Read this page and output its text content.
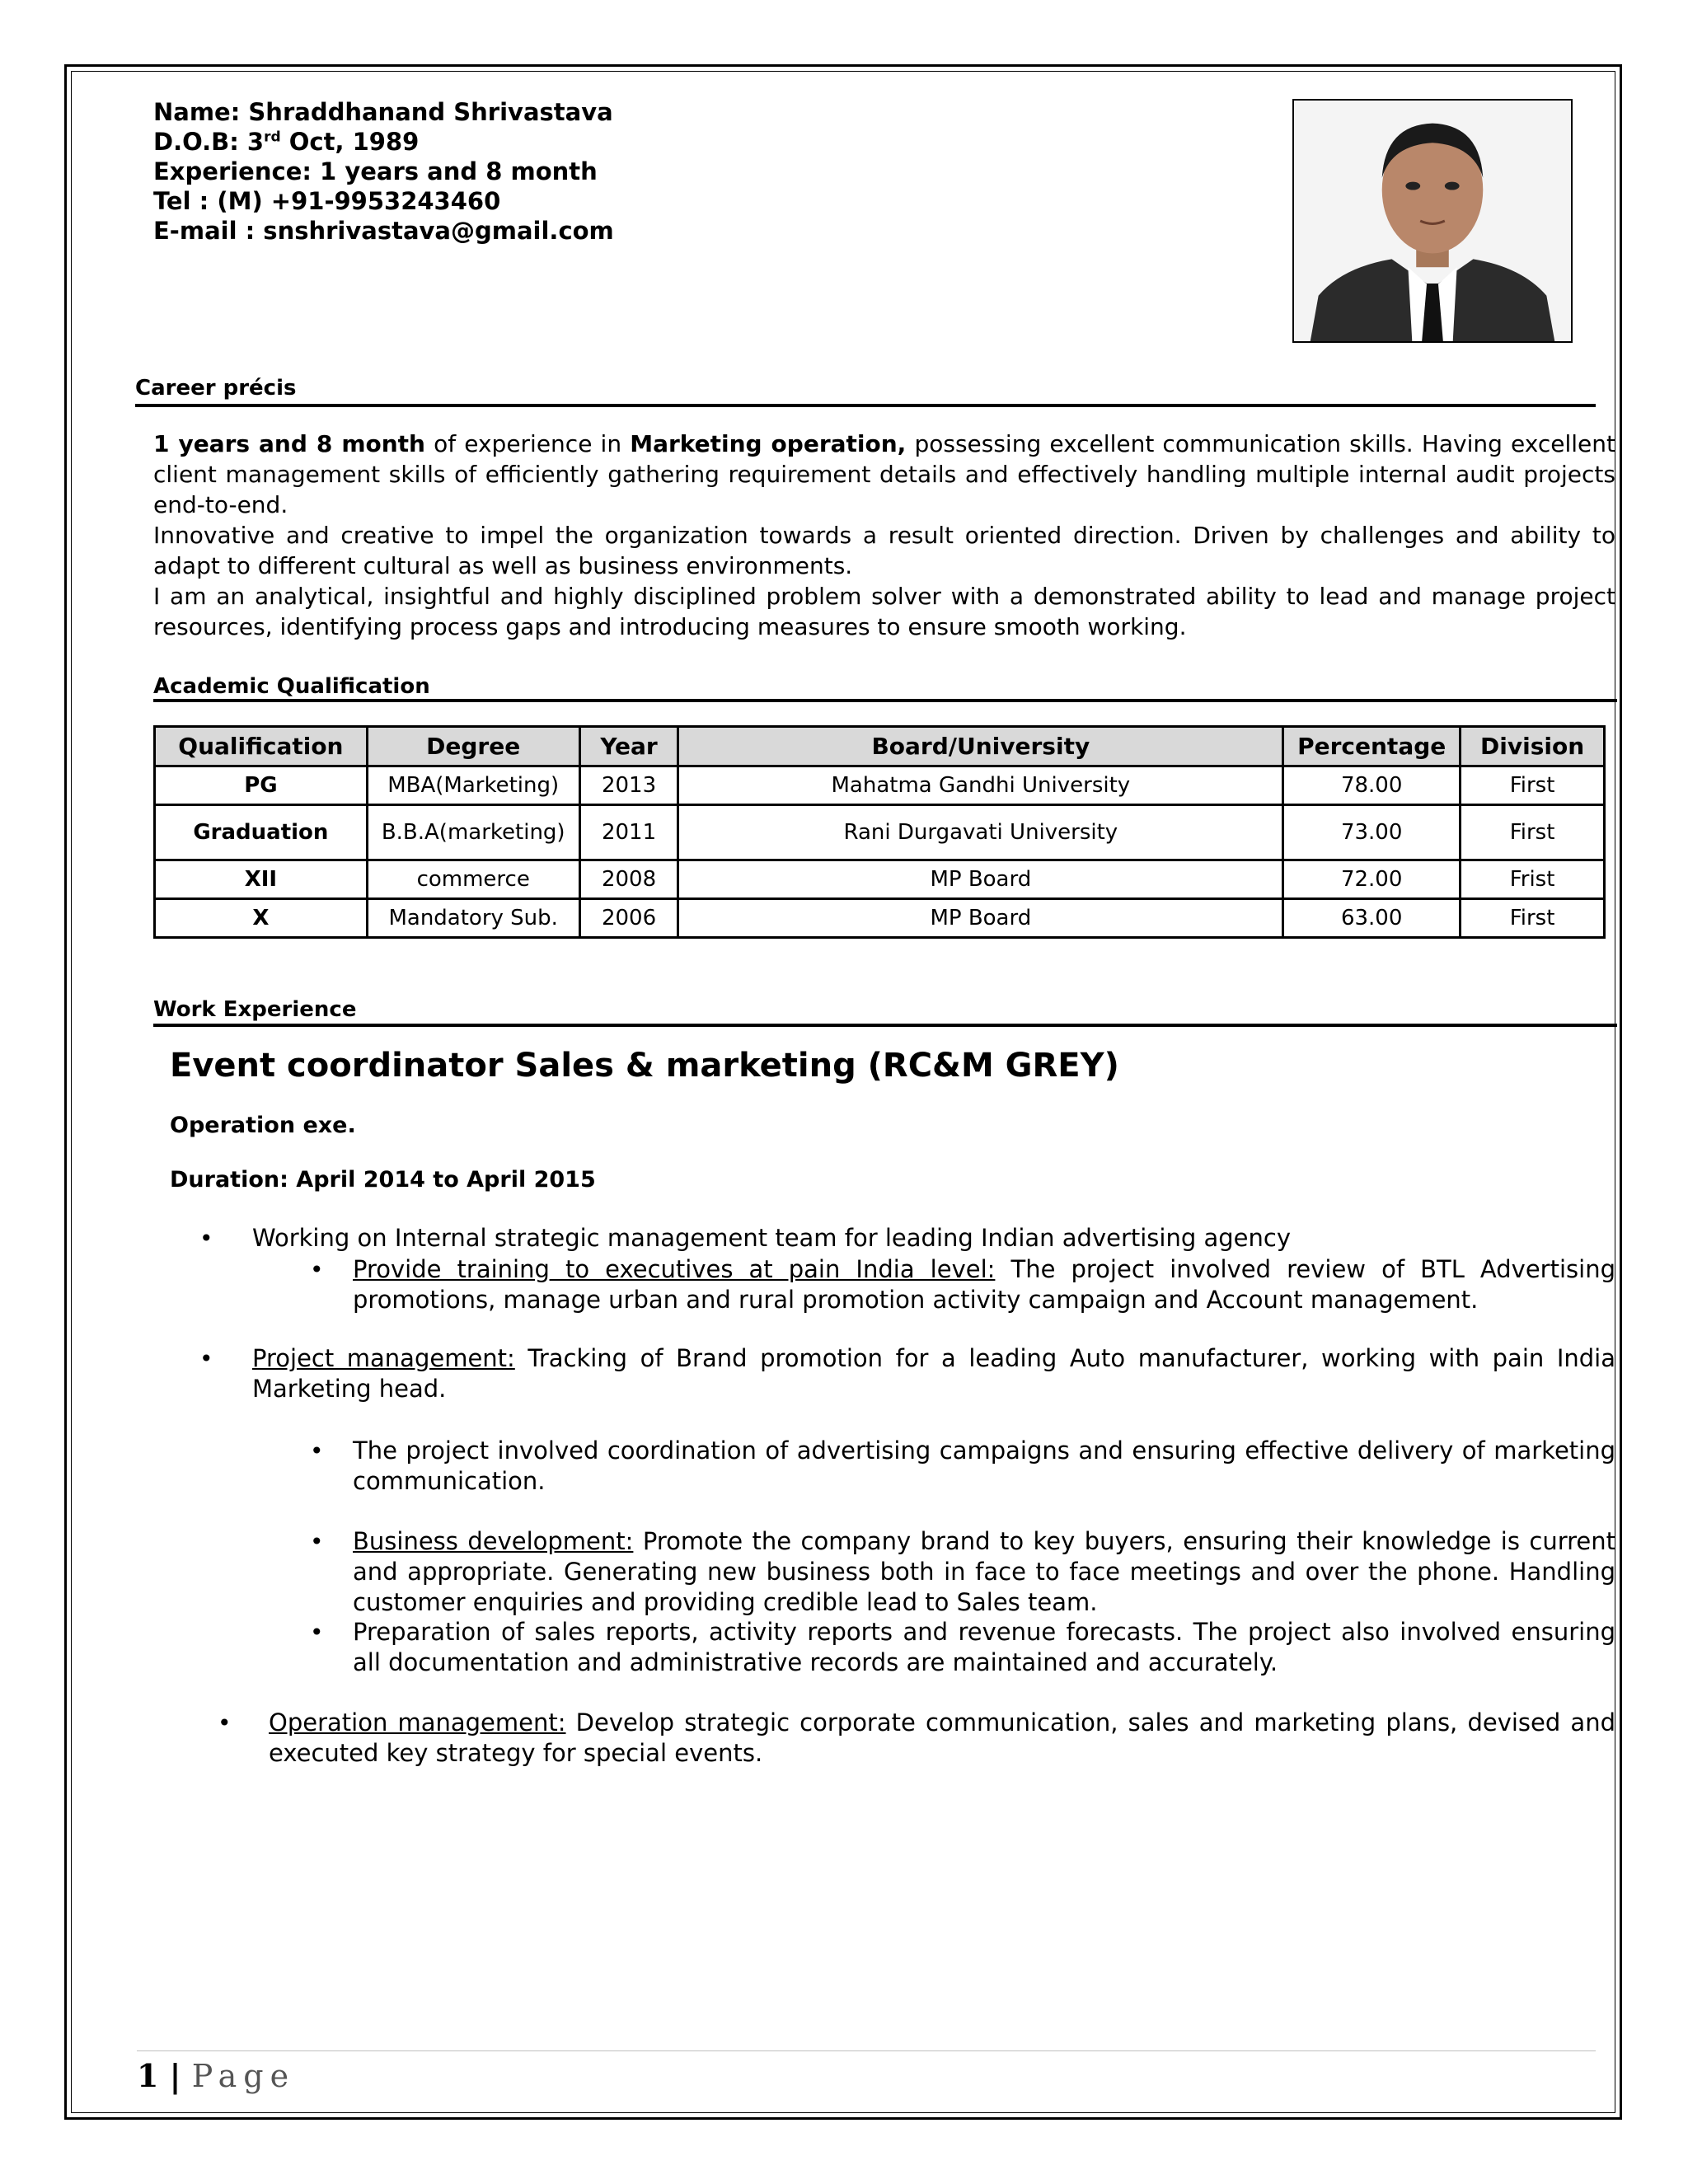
Name: Shraddhanand Shrivastava
D.O.B: 3rd Oct, 1989
Experience: 1 years and 8 month
Tel : (M) +91-9953243460
E-mail : snshrivastava@gmail.com
Career précis

1 years and 8 month of experience in Marketing operation, possessing excellent communication skills. Having excellent client management skills of efficiently gathering requirement details and effectively handling multiple internal audit projects end-to-end.

Innovative and creative to impel the organization towards a result oriented direction. Driven by challenges and ability to adapt to different cultural as well as business environments.

I am an analytical, insightful and highly disciplined problem solver with a demonstrated ability to lead and manage project resources, identifying process gaps and introducing measures to ensure smooth working.

Academic Qualification
Qualification	Degree	Year	Board/University	Percentage	Division
PG	MBA(Marketing)	2013	Mahatma Gandhi University	78.00	First
Graduation	B.B.A(marketing)	2011	Rani Durgavati University	73.00	First
XII	commerce	2008	MP Board	72.00	Frist
X	Mandatory Sub.	2006	MP Board	63.00	First
Work Experience
Event coordinator Sales & marketing (RC&M GREY)
Operation exe.
Duration: April 2014 to April 2015
• Working on Internal strategic management team for leading Indian advertising agency
• Provide training to executives at pain India level: The project involved review of BTL Advertising promotions, manage urban and rural promotion activity campaign and Account management.
• Project management: Tracking of Brand promotion for a leading Auto manufacturer, working with pain India Marketing head.
• The project involved coordination of advertising campaigns and ensuring effective delivery of marketing communication.
• Business development: Promote the company brand to key buyers, ensuring their knowledge is current and appropriate. Generating new business both in face to face meetings and over the phone. Handling customer enquiries and providing credible lead to Sales team.
• Preparation of sales reports, activity reports and revenue forecasts. The project also involved ensuring all documentation and administrative records are maintained and accurately.
• Operation management: Develop strategic corporate communication, sales and marketing plans, devised and executed key strategy for special events.
1 | Page
